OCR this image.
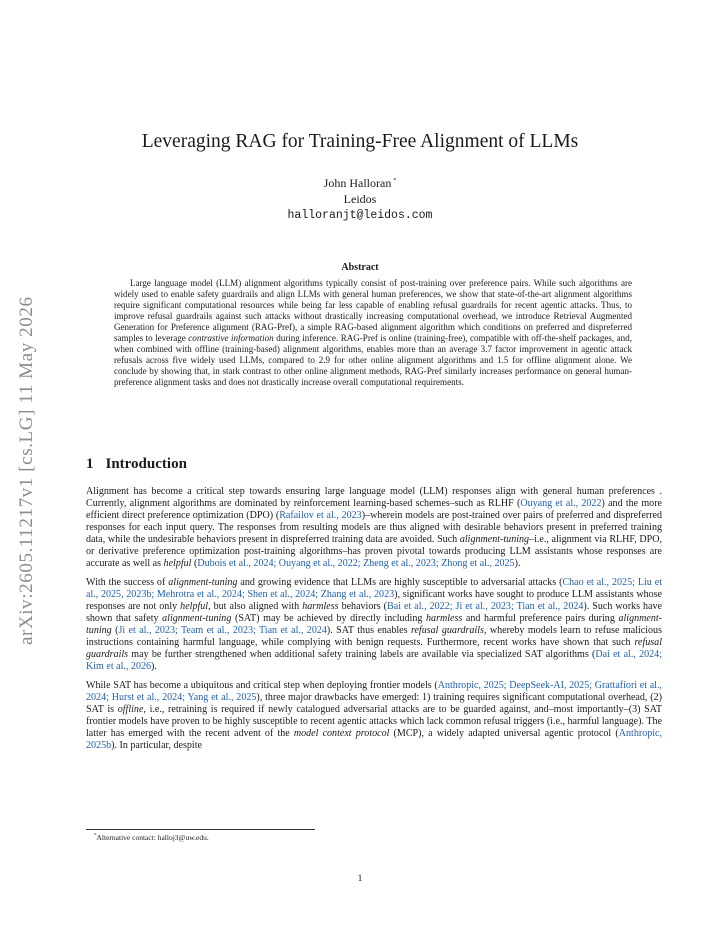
arXiv:2605.11217v1 [cs.LG] 11 May 2026
Leveraging RAG for Training-Free Alignment of LLMs
John Halloran *
Leidos
halloranjt@leidos.com
Abstract

Large language model (LLM) alignment algorithms typically consist of post-training over preference pairs. While such algorithms are widely used to enable safety guardrails and align LLMs with general human preferences, we show that state-of-the-art alignment algorithms require significant computational resources while being far less capable of enabling refusal guardrails for recent agentic attacks. Thus, to improve refusal guardrails against such attacks without drastically increasing computational overhead, we introduce Retrieval Augmented Generation for Preference alignment (RAG-Pref), a simple RAG-based alignment algorithm which conditions on preferred and dispreferred samples to leverage contrastive information during inference. RAG-Pref is online (training-free), compatible with off-the-shelf packages, and, when combined with offline (training-based) alignment algorithms, enables more than an average 3.7 factor improvement in agentic attack refusals across five widely used LLMs, compared to 2.9 for other online alignment algorithms and 1.5 for offline alignment alone. We conclude by showing that, in stark contrast to other online alignment methods, RAG-Pref similarly increases performance on general human-preference alignment tasks and does not drastically increase overall computational requirements.

1 Introduction

Alignment has become a critical step towards ensuring large language model (LLM) responses align with general human preferences . Currently, alignment algorithms are dominated by reinforcement learning-based schemes–such as RLHF (Ouyang et al., 2022) and the more efficient direct preference optimization (DPO) (Rafailov et al., 2023)–wherein models are post-trained over pairs of preferred and dispreferred responses for each input query. The responses from resulting models are thus aligned with desirable behaviors present in preferred training data, while the undesirable behaviors present in dispreferred training data are avoided. Such alignment-tuning–i.e., alignment via RLHF, DPO, or derivative preference optimization post-training algorithms–has proven pivotal towards producing LLM assistants whose responses are accurate as well as helpful (Dubois et al., 2024; Ouyang et al., 2022; Zheng et al., 2023; Zhong et al., 2025).

With the success of alignment-tuning and growing evidence that LLMs are highly susceptible to adversarial attacks (Chao et al., 2025; Liu et al., 2025, 2023b; Mehrotra et al., 2024; Shen et al., 2024; Zhang et al., 2023), significant works have sought to produce LLM assistants whose responses are not only helpful, but also aligned with harmless behaviors (Bai et al., 2022; Ji et al., 2023; Tian et al., 2024). Such works have shown that safety alignment-tuning (SAT) may be achieved by directly including harmless and harmful preference pairs during alignment-tuning (Ji et al., 2023; Team et al., 2023; Tian et al., 2024). SAT thus enables refusal guardrails, whereby models learn to refuse malicious instructions containing harmful language, while complying with benign requests. Furthermore, recent works have shown that such refusal guardrails may be further strengthened when additional safety training labels are available via specialized SAT algorithms (Dai et al., 2024; Kim et al., 2026).

While SAT has become a ubiquitous and critical step when deploying frontier models (Anthropic, 2025; DeepSeek-AI, 2025; Grattafiori et al., 2024; Hurst et al., 2024; Yang et al., 2025), three major drawbacks have emerged: 1) training requires significant computational overhead, (2) SAT is offline, i.e., retraining is required if newly catalogued adversarial attacks are to be guarded against, and–most importantly–(3) SAT frontier models have proven to be highly susceptible to recent agentic attacks which lack common refusal triggers (i.e., harmful language). The latter has emerged with the recent advent of the model context protocol (MCP), a widely adapted universal agentic protocol (Anthropic, 2025b). In particular, despite

*Alternative contact: halloj3@uw.edu.
1
